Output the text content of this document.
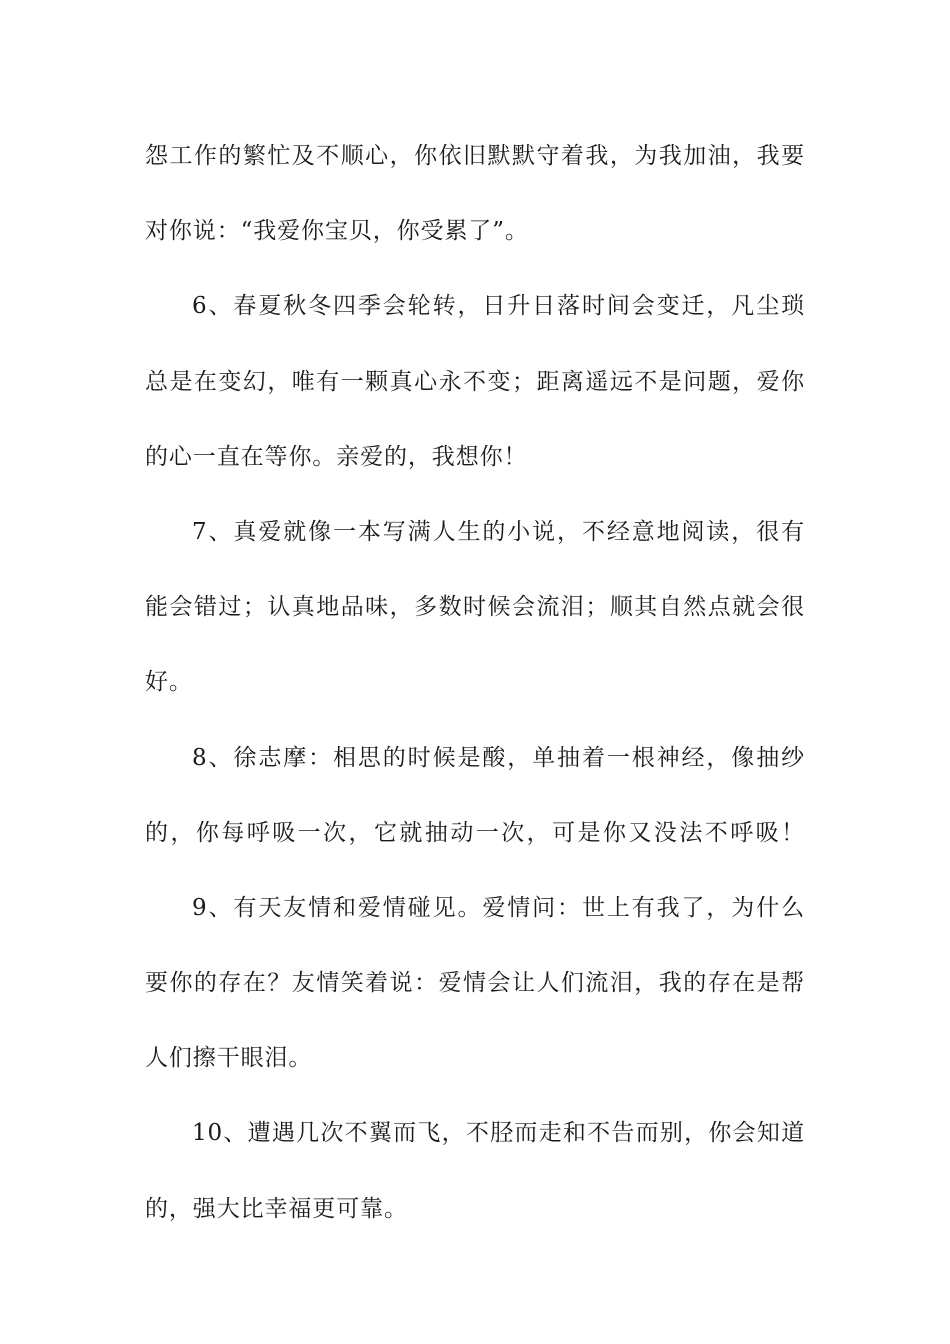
怨工作的繁忙及不顺心，你依旧默默守着我，为我加油，我要
对你说：“我爱你宝贝，你受累了”。
6、春夏秋冬四季会轮转，日升日落时间会变迁，凡尘琐
总是在变幻，唯有一颗真心永不变；距离遥远不是问题，爱你
的心一直在等你。亲爱的，我想你！
7、真爱就像一本写满人生的小说，不经意地阅读，很有
能会错过；认真地品味，多数时候会流泪；顺其自然点就会很
好。
8、徐志摩：相思的时候是酸，单抽着一根神经，像抽纱
的，你每呼吸一次，它就抽动一次，可是你又没法不呼吸！
9、有天友情和爱情碰见。爱情问：世上有我了，为什么
要你的存在？友情笑着说：爱情会让人们流泪，我的存在是帮
人们擦干眼泪。
10、遭遇几次不翼而飞，不胫而走和不告而别，你会知道
的，强大比幸福更可靠。
